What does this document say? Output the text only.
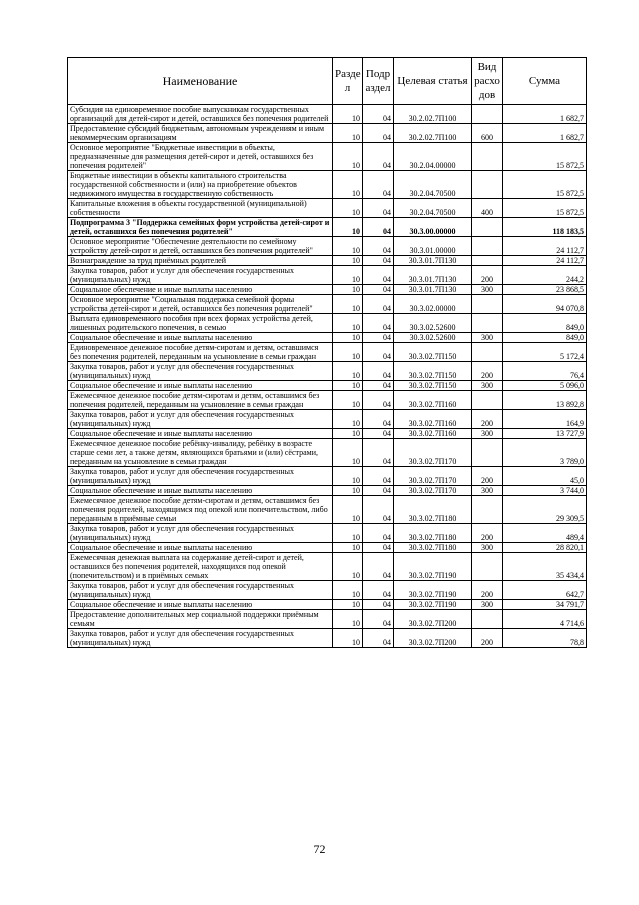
Наименование	Разде л	Подр аздел	Целевая статья	Вид расхо дов	Сумма
Субсидия на единовременное пособие выпускникам государственных организаций для детей-сирот и детей, оставшихся без попечения родителей	10	04	30.2.02.7П100		1 682,7
Предоставление субсидий бюджетным, автономным учреждениям и иным некоммерческим организациям	10	04	30.2.02.7П100	600	1 682,7
Основное мероприятие "Бюджетные инвестиции в объекты, предназначенные для размещения детей-сирот и детей, оставшихся без попечения родителей"	10	04	30.2.04.00000		15 872,5
Бюджетные инвестиции в объекты капитального строительства государственной собственности и (или) на приобретение объектов недвижимого имущества в государственную собственность	10	04	30.2.04.70500		15 872,5
Капитальные вложения в объекты государственной (муниципальной) собственности	10	04	30.2.04.70500	400	15 872,5
Подпрограмма 3 "Поддержка семейных форм устройства детей-сирот и детей, оставшихся без попечения родителей"	10	04	30.3.00.00000		118 183,5
Основное мероприятие "Обеспечение деятельности по семейному устройству детей-сирот и детей, оставшихся без попечения родителей"	10	04	30.3.01.00000		24 112,7
Вознаграждение за труд приёмных родителей	10	04	30.3.01.7П130		24 112,7
Закупка товаров, работ и услуг для обеспечения государственных (муниципальных) нужд	10	04	30.3.01.7П130	200	244,2
Социальное обеспечение и иные выплаты населению	10	04	30.3.01.7П130	300	23 868,5
Основное мероприятие "Социальная поддержка семейной формы устройства детей-сирот и детей, оставшихся без попечения родителей"	10	04	30.3.02.00000		94 070,8
Выплата единовременного пособия при всех формах устройства детей, лишенных родительского попечения, в семью	10	04	30.3.02.52600		849,0
Социальное обеспечение и иные выплаты населению	10	04	30.3.02.52600	300	849,0
Единовременное денежное пособие детям-сиротам и детям, оставшимся без попечения родителей, переданным на усыновление в семьи граждан	10	04	30.3.02.7П150		5 172,4
Закупка товаров, работ и услуг для обеспечения государственных (муниципальных) нужд	10	04	30.3.02.7П150	200	76,4
Социальное обеспечение и иные выплаты населению	10	04	30.3.02.7П150	300	5 096,0
Ежемесячное денежное пособие детям-сиротам и детям, оставшимся без попечения родителей, переданным на усыновление в семьи граждан	10	04	30.3.02.7П160		13 892,8
Закупка товаров, работ и услуг для обеспечения государственных (муниципальных) нужд	10	04	30.3.02.7П160	200	164,9
Социальное обеспечение и иные выплаты населению	10	04	30.3.02.7П160	300	13 727,9
Ежемесячное денежное пособие ребёнку-инвалиду, ребёнку в возрасте старше семи лет, а также детям, являющихся братьями и (или) сёстрами, переданным на усыновление в семьи граждан	10	04	30.3.02.7П170		3 789,0
Закупка товаров, работ и услуг для обеспечения государственных (муниципальных) нужд	10	04	30.3.02.7П170	200	45,0
Социальное обеспечение и иные выплаты населению	10	04	30.3.02.7П170	300	3 744,0
Ежемесячное денежное пособие детям-сиротам и детям, оставшимся без попечения родителей, находящимся под опекой или попечительством, либо переданным в приёмные семьи	10	04	30.3.02.7П180		29 309,5
Закупка товаров, работ и услуг для обеспечения государственных (муниципальных) нужд	10	04	30.3.02.7П180	200	489,4
Социальное обеспечение и иные выплаты населению	10	04	30.3.02.7П180	300	28 820,1
Ежемесячная денежная выплата на содержание детей-сирот и детей, оставшихся без попечения родителей, находящихся под опекой (попечительством) и в приёмных семьях	10	04	30.3.02.7П190		35 434,4
Закупка товаров, работ и услуг для обеспечения государственных (муниципальных) нужд	10	04	30.3.02.7П190	200	642,7
Социальное обеспечение и иные выплаты населению	10	04	30.3.02.7П190	300	34 791,7
Предоставление дополнительных мер социальной поддержки приёмным семьям	10	04	30.3.02.7П200		4 714,6
Закупка товаров, работ и услуг для обеспечения государственных (муниципальных) нужд	10	04	30.3.02.7П200	200	78,8
72
